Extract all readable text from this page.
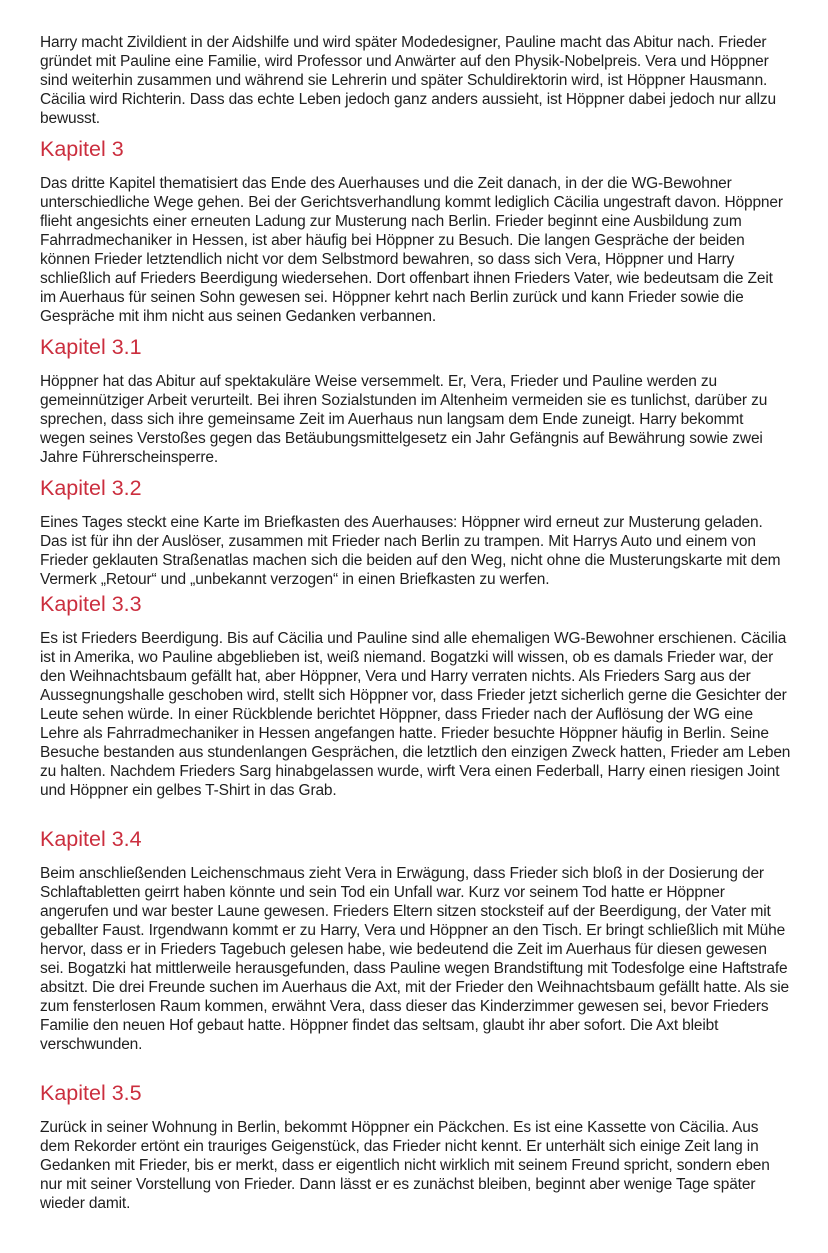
Harry macht Zivildient in der Aidshilfe und wird später Modedesigner, Pauline macht das Abitur nach. Frieder gründet mit Pauline eine Familie, wird Professor und Anwärter auf den Physik-Nobelpreis. Vera und Höppner sind weiterhin zusammen und während sie Lehrerin und später Schuldirektorin wird, ist Höppner Hausmann. Cäcilia wird Richterin. Dass das echte Leben jedoch ganz anders aussieht, ist Höppner dabei jedoch nur allzu bewusst.

Kapitel 3

Das dritte Kapitel thematisiert das Ende des Auerhauses und die Zeit danach, in der die WG-Bewohner unterschiedliche Wege gehen. Bei der Gerichtsverhandlung kommt lediglich Cäcilia ungestraft davon. Höppner flieht angesichts einer erneuten Ladung zur Musterung nach Berlin. Frieder beginnt eine Ausbildung zum Fahrradmechaniker in Hessen, ist aber häufig bei Höppner zu Besuch. Die langen Gespräche der beiden können Frieder letztendlich nicht vor dem Selbstmord bewahren, so dass sich Vera, Höppner und Harry schließlich auf Frieders Beerdigung wiedersehen. Dort offenbart ihnen Frieders Vater, wie bedeutsam die Zeit im Auerhaus für seinen Sohn gewesen sei. Höppner kehrt nach Berlin zurück und kann Frieder sowie die Gespräche mit ihm nicht aus seinen Gedanken verbannen.

Kapitel 3.1

Höppner hat das Abitur auf spektakuläre Weise versemmelt. Er, Vera, Frieder und Pauline werden zu gemeinnütziger Arbeit verurteilt. Bei ihren Sozialstunden im Altenheim vermeiden sie es tunlichst, darüber zu sprechen, dass sich ihre gemeinsame Zeit im Auerhaus nun langsam dem Ende zuneigt. Harry bekommt wegen seines Verstoßes gegen das Betäubungsmittelgesetz ein Jahr Gefängnis auf Bewährung sowie zwei Jahre Führerscheinsperre.

Kapitel 3.2

Eines Tages steckt eine Karte im Briefkasten des Auerhauses: Höppner wird erneut zur Musterung geladen. Das ist für ihn der Auslöser, zusammen mit Frieder nach Berlin zu trampen. Mit Harrys Auto und einem von Frieder geklauten Straßenatlas machen sich die beiden auf den Weg, nicht ohne die Musterungskarte mit dem Vermerk „Retour“ und „unbekannt verzogen“ in einen Briefkasten zu werfen.

Kapitel 3.3

Es ist Frieders Beerdigung. Bis auf Cäcilia und Pauline sind alle ehemaligen WG-Bewohner erschienen. Cäcilia ist in Amerika, wo Pauline abgeblieben ist, weiß niemand. Bogatzki will wissen, ob es damals Frieder war, der den Weihnachtsbaum gefällt hat, aber Höppner, Vera und Harry verraten nichts. Als Frieders Sarg aus der Aussegnungshalle geschoben wird, stellt sich Höppner vor, dass Frieder jetzt sicherlich gerne die Gesichter der Leute sehen würde. In einer Rückblende berichtet Höppner, dass Frieder nach der Auflösung der WG eine Lehre als Fahrradmechaniker in Hessen angefangen hatte. Frieder besuchte Höppner häufig in Berlin. Seine Besuche bestanden aus stundenlangen Gesprächen, die letztlich den einzigen Zweck hatten, Frieder am Leben zu halten. Nachdem Frieders Sarg hinabgelassen wurde, wirft Vera einen Federball, Harry einen riesigen Joint und Höppner ein gelbes T-Shirt in das Grab.

Kapitel 3.4

Beim anschließenden Leichenschmaus zieht Vera in Erwägung, dass Frieder sich bloß in der Dosierung der Schlaftabletten geirrt haben könnte und sein Tod ein Unfall war. Kurz vor seinem Tod hatte er Höppner angerufen und war bester Laune gewesen. Frieders Eltern sitzen stocksteif auf der Beerdigung, der Vater mit geballter Faust. Irgendwann kommt er zu Harry, Vera und Höppner an den Tisch. Er bringt schließlich mit Mühe hervor, dass er in Frieders Tagebuch gelesen habe, wie bedeutend die Zeit im Auerhaus für diesen gewesen sei. Bogatzki hat mittlerweile herausgefunden, dass Pauline wegen Brandstiftung mit Todesfolge eine Haftstrafe absitzt. Die drei Freunde suchen im Auerhaus die Axt, mit der Frieder den Weihnachtsbaum gefällt hatte. Als sie zum fensterlosen Raum kommen, erwähnt Vera, dass dieser das Kinderzimmer gewesen sei, bevor Frieders Familie den neuen Hof gebaut hatte. Höppner findet das seltsam, glaubt ihr aber sofort. Die Axt bleibt verschwunden.

Kapitel 3.5

Zurück in seiner Wohnung in Berlin, bekommt Höppner ein Päckchen. Es ist eine Kassette von Cäcilia. Aus dem Rekorder ertönt ein trauriges Geigenstück, das Frieder nicht kennt. Er unterhält sich einige Zeit lang in Gedanken mit Frieder, bis er merkt, dass er eigentlich nicht wirklich mit seinem Freund spricht, sondern eben nur mit seiner Vorstellung von Frieder. Dann lässt er es zunächst bleiben, beginnt aber wenige Tage später wieder damit.
